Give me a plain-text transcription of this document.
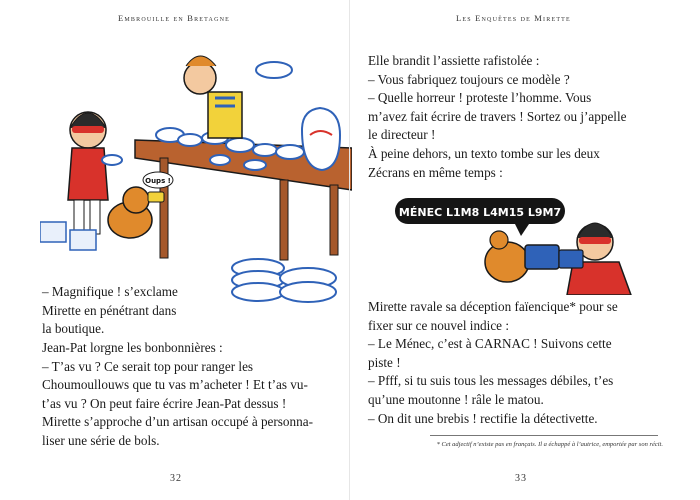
Embrouille en Bretagne
Oups !

– Magnifique ! s’exclame

Mirette en pénétrant dans

la boutique.

Jean-Pat lorgne les bonbonnières :

– T’as vu ? Ce serait top pour ranger les

Choumoullouws que tu vas m’acheter ! Et t’as vu-

t’as vu ? On peut faire écrire Jean-Pat dessus !

Mirette s’approche d’un artisan occupé à personna-

liser une série de bols.

32
Les Enquêtes de Mirette

Elle brandit l’assiette rafistolée :

– Vous fabriquez toujours ce modèle ?

– Quelle horreur ! proteste l’homme. Vous

m’avez fait écrire de travers ! Sortez ou j’appelle

le directeur !

À peine dehors, un texto tombe sur les deux

Zécrans en même temps :

MÉNEC L1M8 L4M15 L9M7

Mirette ravale sa déception faïencique* pour se

fixer sur ce nouvel indice :

– Le Ménec, c’est à CARNAC ! Suivons cette

piste !

– Pfff, si tu suis tous les messages débiles, t’es

qu’une moutonne ! râle le matou.

– On dit une brebis ! rectifie la détectivette.

* Cet adjectif n’existe pas en français. Il a échappé à l’autrice, emportée par son récit.
33
